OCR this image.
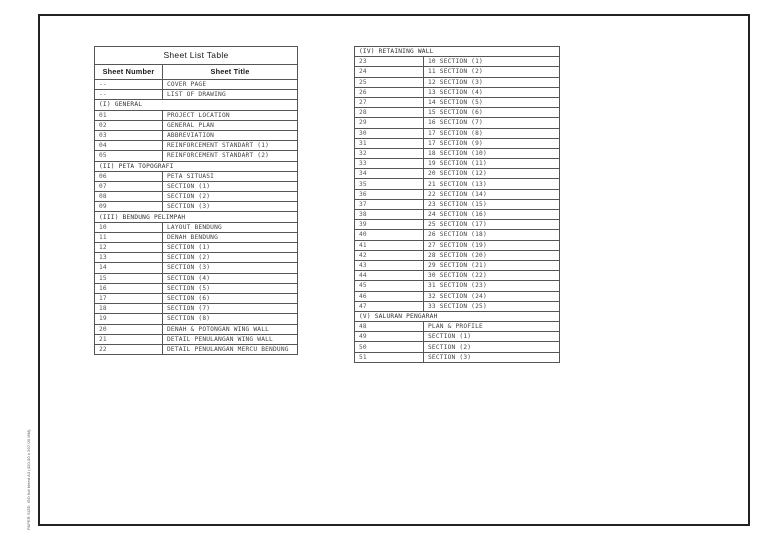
PAPER SIZE: ISO full bleed A3 (420.00 x 297.00 MM)
Sheet List Table	
Sheet Number	Sheet Title
--	COVER PAGE
--	LIST OF DRAWING
(I) GENERAL	
01	PROJECT LOCATION
02	GENERAL PLAN
03	ABBREVIATION
04	REINFORCEMENT STANDART (1)
05	REINFORCEMENT STANDART (2)
(II) PETA TOPOGRAFI	
06	PETA SITUASI
07	SECTION (1)
08	SECTION (2)
09	SECTION (3)
(III) BENDUNG PELIMPAH	
10	LAYOUT BENDUNG
11	DENAH BENDUNG
12	SECTION (1)
13	SECTION (2)
14	SECTION (3)
15	SECTION (4)
16	SECTION (5)
17	SECTION (6)
18	SECTION (7)
19	SECTION (8)
20	DENAH & POTONGAN WING WALL
21	DETAIL PENULANGAN WING WALL
22	DETAIL PENULANGAN MERCU BENDUNG
(IV) RETAINING WALL	
23	10 SECTION (1)
24	11 SECTION (2)
25	12 SECTION (3)
26	13 SECTION (4)
27	14 SECTION (5)
28	15 SECTION (6)
29	16 SECTION (7)
30	17 SECTION (8)
31	17 SECTION (9)
32	18 SECTION (10)
33	19 SECTION (11)
34	20 SECTION (12)
35	21 SECTION (13)
36	22 SECTION (14)
37	23 SECTION (15)
38	24 SECTION (16)
39	25 SECTION (17)
40	26 SECTION (18)
41	27 SECTION (19)
42	28 SECTION (20)
43	29 SECTION (21)
44	30 SECTION (22)
45	31 SECTION (23)
46	32 SECTION (24)
47	33 SECTION (25)
(V) SALURAN PENGARAH	
48	PLAN & PROFILE
49	SECTION (1)
50	SECTION (2)
51	SECTION (3)
